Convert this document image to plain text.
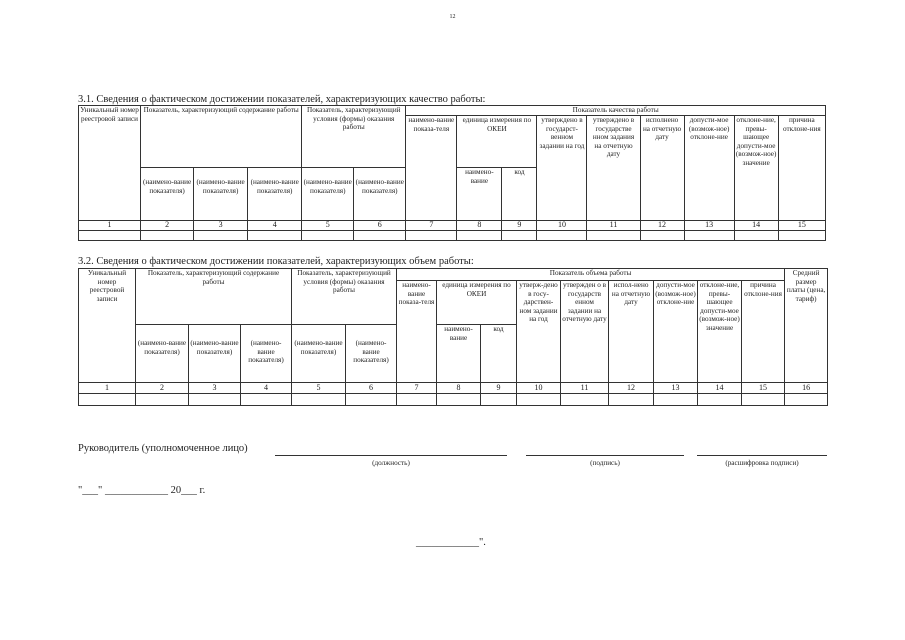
12
3.1. Сведения о фактическом достижении показателей, характеризующих качество работы:
Уникальный номер реестровой записи	Показатель, характеризующий содержание работы			Показатель, характеризующий условия (формы) оказания работы		Показатель качества работы								
						наимено-вание показа-теля	единица измерения по ОКЕИ		утверждено в государст-венном задании на год	утверждено в государстве нном задания на отчетную дату	исполнено на отчетную дату	допусти-мое (возмож-ное) отклоне-ние	отклоне-ние, превы-шающее допусти-мое (возмож-ное) значение	причина отклоне-ния
	(наимено-вание показателя)	(наимено-вание показателя)	(наимено-вание показателя)	(наимено-вание показателя)	(наимено-вание показателя)		наимено-вание	код						
1	2	3	4	5	6	7	8	9	10	11	12	13	14	15

3.2. Сведения о фактическом достижении показателей, характеризующих объем работы:
Уникальный номер реестровой записи	Показатель, характеризующий содержание работы			Показатель, характеризующий условия (формы) оказания работы		Показатель объема работы									Средний размер платы (цена, тариф)
						наимено-вание показа-теля	единица измерения по ОКЕИ		утверж-дено в госу-дарствен-ном задании на год	утвержден о в государств енном задании на отчетную дату	испол-нено на отчетную дату	допусти-мое (возмож-ное) отклоне-ние	отклоне-ние, превы-шающее допусти-мое (возмож-ное) значение	причина отклоне-ния	
	(наимено-вание показателя)	(наимено-вание показателя)	(наимено-вание показателя)	(наимено-вание показателя)	(наимено-вание показателя)		наимено-вание	код							
1	2	3	4	5	6	7	8	9	10	11	12	13	14	15	16

Руководитель (уполномоченное лицо)
(должность)	(подпись)	(расшифровка подписи)
"___" ____________ 20___ г.
____________".
